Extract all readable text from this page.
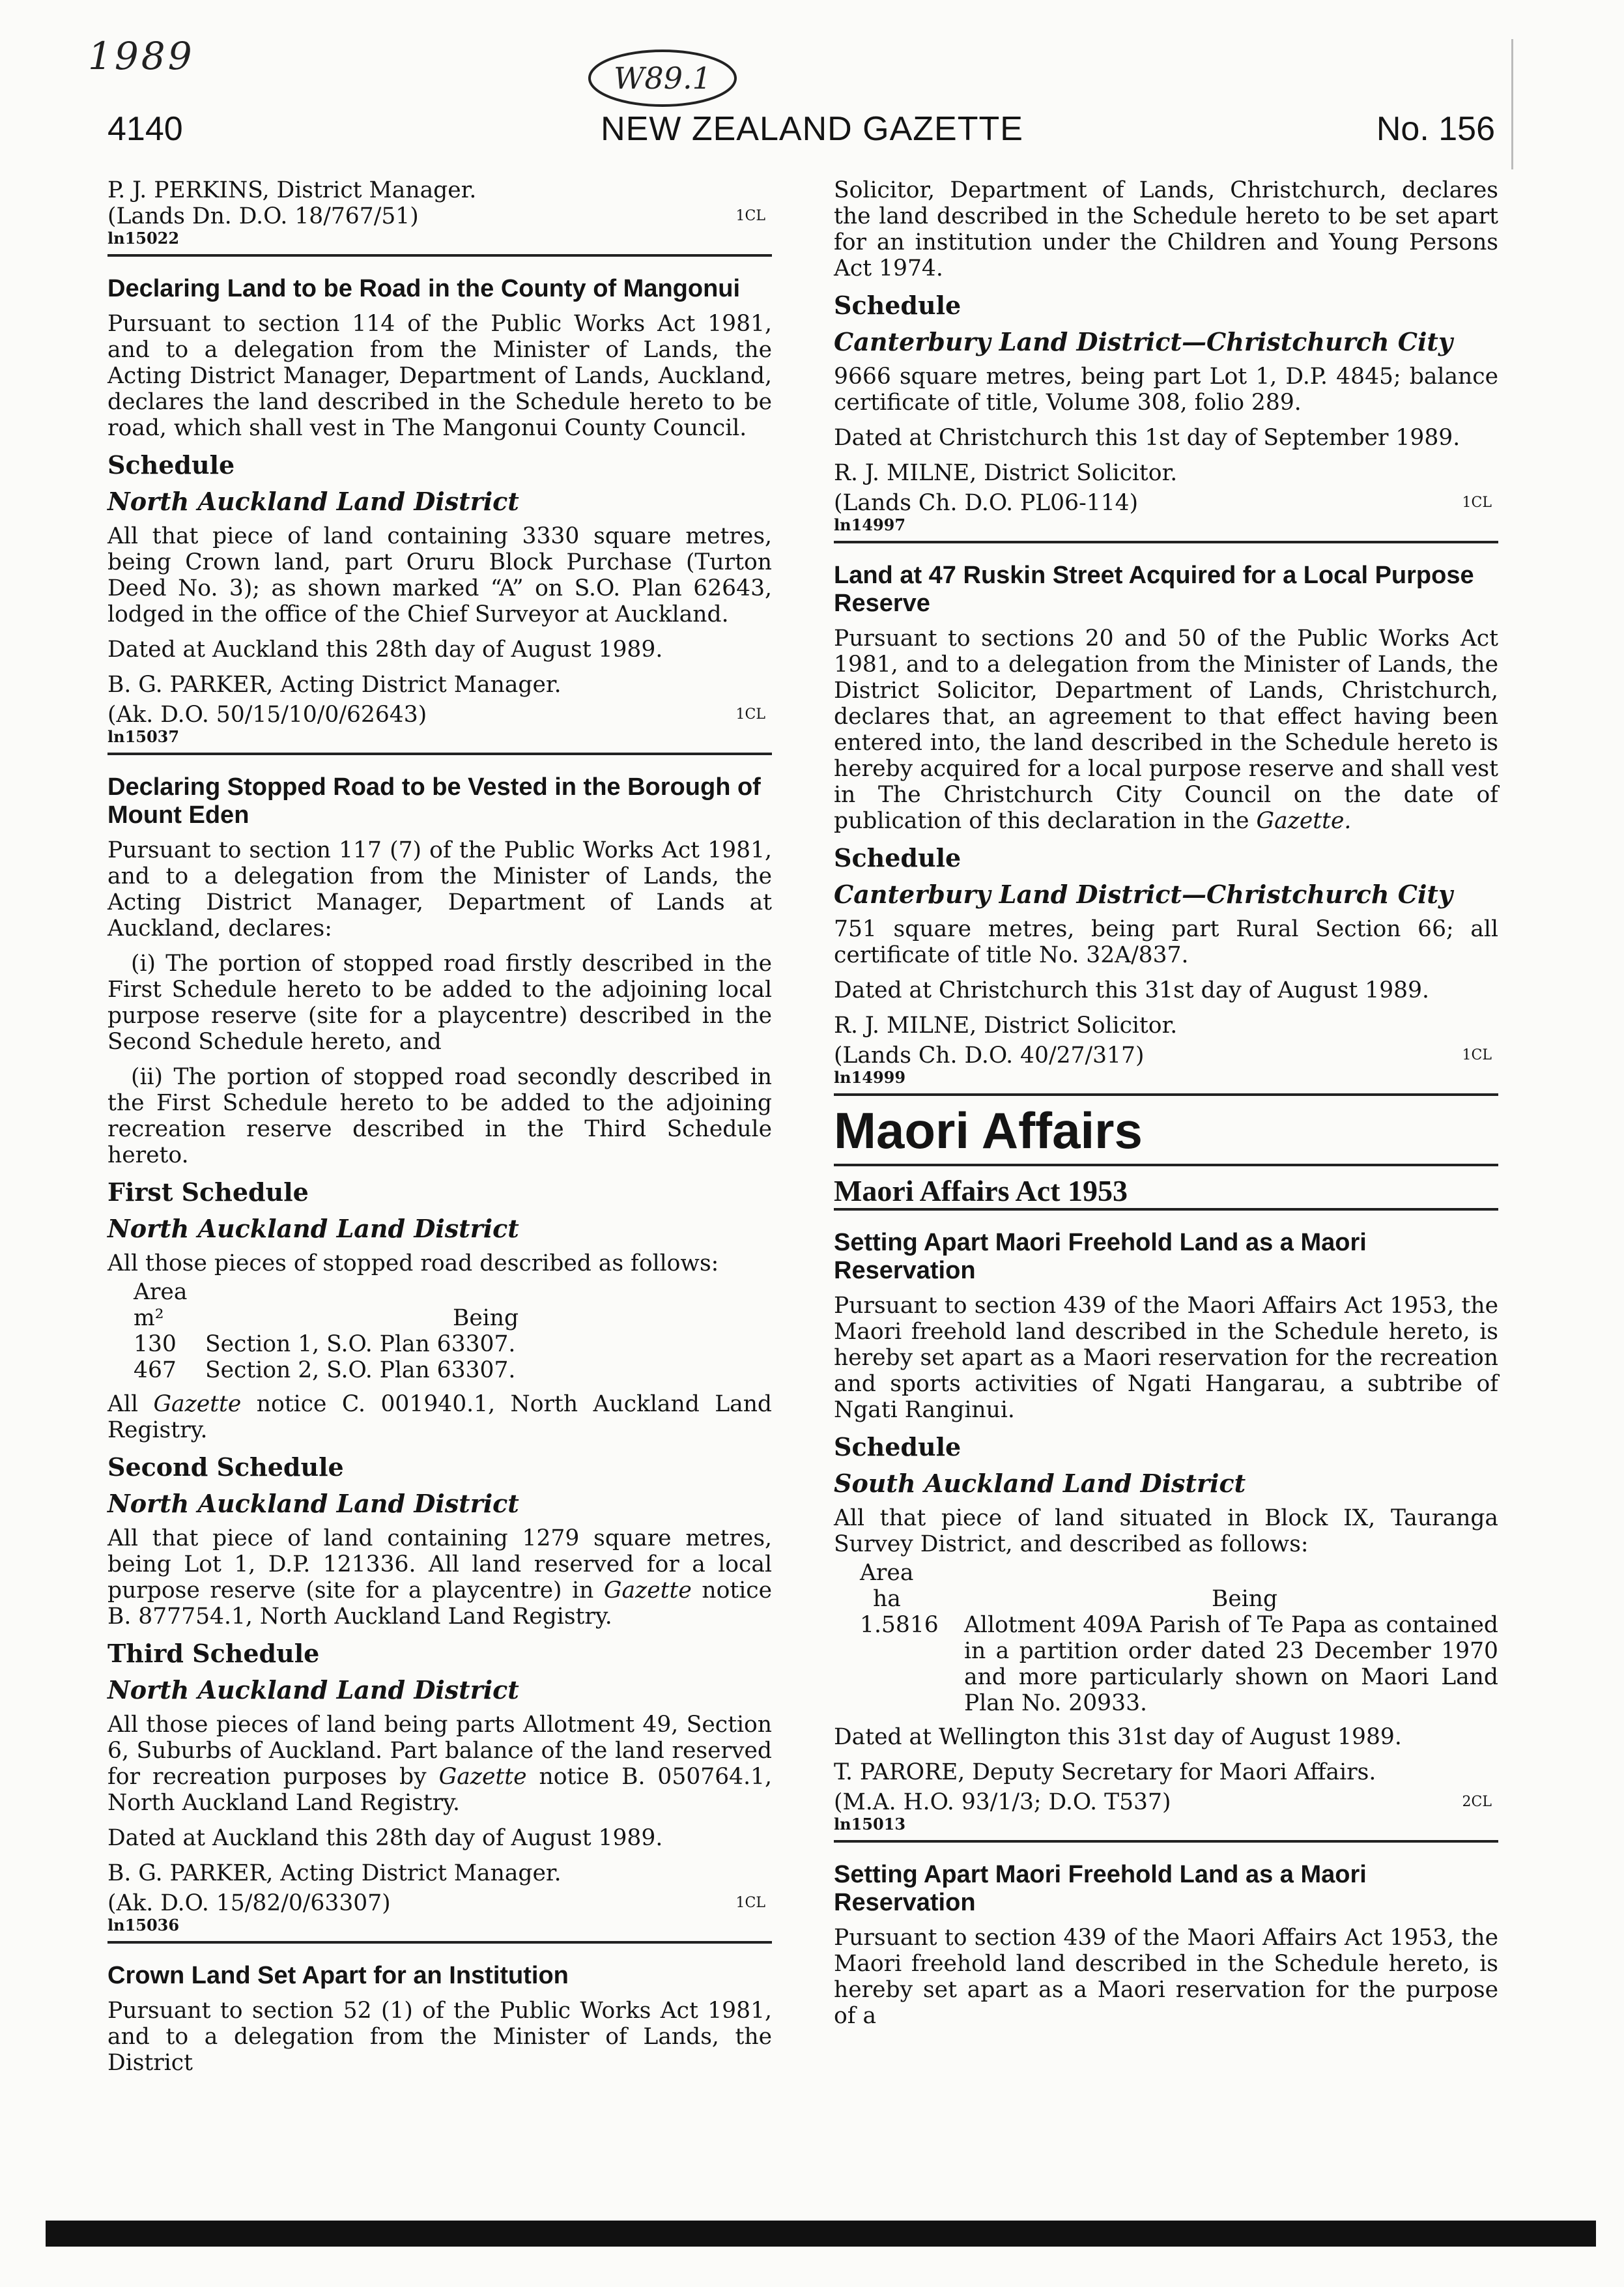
1989	W89.1
4140	NEW ZEALAND GAZETTE	No. 156

P. J. PERKINS, District Manager.

(Lands Dn. D.O. 18/767/51)	1CL
ln15022
Declaring Land to be Road in the County of Mangonui

Pursuant to section 114 of the Public Works Act 1981, and to a delegation from the Minister of Lands, the Acting District Manager, Department of Lands, Auckland, declares the land described in the Schedule hereto to be road, which shall vest in The Mangonui County Council.

Schedule
North Auckland Land District

All that piece of land containing 3330 square metres, being Crown land, part Oruru Block Purchase (Turton Deed No. 3); as shown marked “A” on S.O. Plan 62643, lodged in the office of the Chief Surveyor at Auckland.

Dated at Auckland this 28th day of August 1989.

B. G. PARKER, Acting District Manager.

(Ak. D.O. 50/15/10/0/62643)	1CL
ln15037
Declaring Stopped Road to be Vested in the Borough of Mount Eden

Pursuant to section 117 (7) of the Public Works Act 1981, and to a delegation from the Minister of Lands, the Acting District Manager, Department of Lands at Auckland, declares:

(i) The portion of stopped road firstly described in the First Schedule hereto to be added to the adjoining local purpose reserve (site for a playcentre) described in the Second Schedule hereto, and

(ii) The portion of stopped road secondly described in the First Schedule hereto to be added to the adjoining recreation reserve described in the Third Schedule hereto.

First Schedule
North Auckland Land District

All those pieces of stopped road described as follows:

Area
m²	Being
130	Section 1, S.O. Plan 63307.
467	Section 2, S.O. Plan 63307.

All Gazette notice C. 001940.1, North Auckland Land Registry.

Second Schedule
North Auckland Land District

All that piece of land containing 1279 square metres, being Lot 1, D.P. 121336. All land reserved for a local purpose reserve (site for a playcentre) in Gazette notice B. 877754.1, North Auckland Land Registry.

Third Schedule
North Auckland Land District

All those pieces of land being parts Allotment 49, Section 6, Suburbs of Auckland. Part balance of the land reserved for recreation purposes by Gazette notice B. 050764.1, North Auckland Land Registry.

Dated at Auckland this 28th day of August 1989.

B. G. PARKER, Acting District Manager.

(Ak. D.O. 15/82/0/63307)	1CL
ln15036
Crown Land Set Apart for an Institution

Pursuant to section 52 (1) of the Public Works Act 1981, and to a delegation from the Minister of Lands, the District

Solicitor, Department of Lands, Christchurch, declares the land described in the Schedule hereto to be set apart for an institution under the Children and Young Persons Act 1974.

Schedule
Canterbury Land District—Christchurch City

9666 square metres, being part Lot 1, D.P. 4845; balance certificate of title, Volume 308, folio 289.

Dated at Christchurch this 1st day of September 1989.

R. J. MILNE, District Solicitor.

(Lands Ch. D.O. PL06-114)	1CL
ln14997
Land at 47 Ruskin Street Acquired for a Local Purpose Reserve

Pursuant to sections 20 and 50 of the Public Works Act 1981, and to a delegation from the Minister of Lands, the District Solicitor, Department of Lands, Christchurch, declares that, an agreement to that effect having been entered into, the land described in the Schedule hereto is hereby acquired for a local purpose reserve and shall vest in The Christchurch City Council on the date of publication of this declaration in the Gazette.

Schedule
Canterbury Land District—Christchurch City

751 square metres, being part Rural Section 66; all certificate of title No. 32A/837.

Dated at Christchurch this 31st day of August 1989.

R. J. MILNE, District Solicitor.

(Lands Ch. D.O. 40/27/317)	1CL
ln14999
Maori Affairs
Maori Affairs Act 1953
Setting Apart Maori Freehold Land as a Maori Reservation

Pursuant to section 439 of the Maori Affairs Act 1953, the Maori freehold land described in the Schedule hereto, is hereby set apart as a Maori reservation for the recreation and sports activities of Ngati Hangarau, a subtribe of Ngati Ranginui.

Schedule
South Auckland Land District

All that piece of land situated in Block IX, Tauranga Survey District, and described as follows:

Area
ha	Being
1.5816	Allotment 409A Parish of Te Papa as contained in a partition order dated 23 December 1970 and more particularly shown on Maori Land Plan No. 20933.

Dated at Wellington this 31st day of August 1989.

T. PARORE, Deputy Secretary for Maori Affairs.

(M.A. H.O. 93/1/3; D.O. T537)	2CL
ln15013
Setting Apart Maori Freehold Land as a Maori Reservation

Pursuant to section 439 of the Maori Affairs Act 1953, the Maori freehold land described in the Schedule hereto, is hereby set apart as a Maori reservation for the purpose of a
